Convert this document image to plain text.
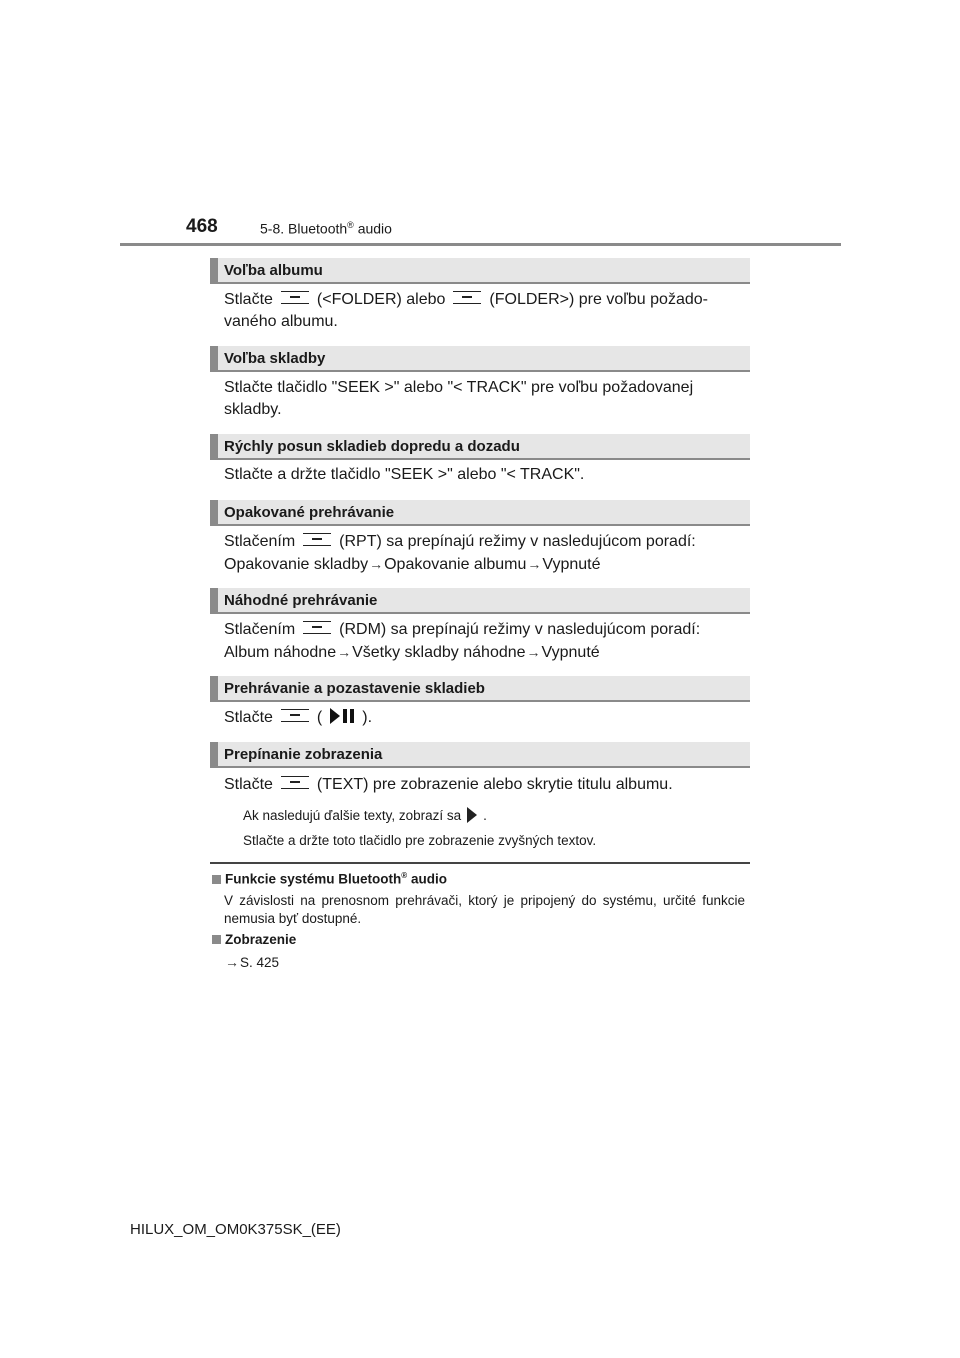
468	5-8. Bluetooth® audio
Voľba albumu
Stlačte	(<FOLDER) alebo	(FOLDER>) pre voľbu požado-
vaného albumu.
Voľba skladby
Stlačte tlačidlo "SEEK >" alebo "< TRACK" pre voľbu požadovanej
skladby.
Rýchly posun skladieb dopredu a dozadu
Stlačte a držte tlačidlo "SEEK >" alebo "< TRACK".
Opakované prehrávanie
Stlačením	(RPT) sa prepínajú režimy v nasledujúcom poradí:
Opakovanie skladby→Opakovanie albumu→Vypnuté
Náhodné prehrávanie
Stlačením	(RDM) sa prepínajú režimy v nasledujúcom poradí:
Album náhodne→Všetky skladby náhodne→Vypnuté
Prehrávanie a pozastavenie skladieb
Stlačte	(	).
Prepínanie zobrazenia
Stlačte	(TEXT) pre zobrazenie alebo skrytie titulu albumu.
Ak nasledujú ďalšie texty, zobrazí sa .
Stlačte a držte toto tlačidlo pre zobrazenie zvyšných textov.
Funkcie systému Bluetooth® audio
V závislosti na prenosnom prehrávači, ktorý je pripojený do systému, určité funkcie nemusia byť dostupné.
Zobrazenie
→S. 425
HILUX_OM_OM0K375SK_(EE)
